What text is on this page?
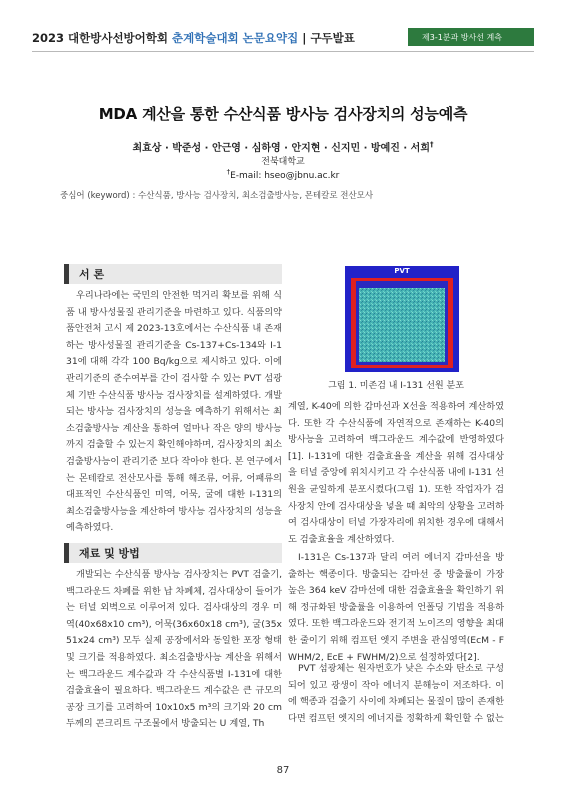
2023 대한방사선방어학회 춘계학술대회 논문요약집 | 구두발표	제3-1분과 방사선 계측
MDA 계산을 통한 수산식품 방사능 검사장치의 성능예측
최효상 · 박준성 · 안근영 · 심하영 · 안지현 · 신지민 · 방예진 · 서희†
전북대학교
†E-mail: hseo@jbnu.ac.kr
중심어 (keyword) : 수산식품, 방사능 검사장치, 최소검출방사능, 몬테칼로 전산모사
서 론
우리나라에는 국민의 안전한 먹거리 확보를 위해 식품 내 방사성물질 관리기준을 마련하고 있다. 식품의약품안전처 고시 제 2023-13호에서는 수산식품 내 존재하는 방사성물질 관리기준을 Cs-137+Cs-134와 I-131에 대해 각각 100 Bq/kg으로 제시하고 있다. 이에 관리기준의 준수여부를 간이 검사할 수 있는 PVT 섬광체 기반 수산식품 방사능 검사장치를 설계하였다. 개발되는 방사능 검사장치의 성능을 예측하기 위해서는 최소검출방사능 계산을 통하여 얼마나 작은 양의 방사능까지 검출할 수 있는지 확인해야하며, 검사장치의 최소검출방사능이 관리기준 보다 작아야 한다. 본 연구에서는 몬테칼로 전산모사를 통해 해조류, 어류, 어패류의 대표적인 수산식품인 미역, 어묵, 굴에 대한 I-131의 최소검출방사능을 계산하여 방사능 검사장치의 성능을 예측하였다.
재료 및 방법
개발되는 수산식품 방사능 검사장치는 PVT 검출기, 백그라운드 차폐를 위한 납 차폐체, 검사대상이 들어가는 터널 외벽으로 이루어져 있다. 검사대상의 경우 미역(40x68x10 cm³), 어묵(36x60x18 cm³), 굴(35x51x24 cm³) 모두 실제 공장에서와 동일한 포장 형태 및 크기를 적용하였다. 최소검출방사능 계산을 위해서는 백그라운드 계수값과 각 수산식품별 I-131에 대한 검출효율이 필요하다. 백그라운드 계수값은 큰 규모의 공장 크기를 고려하여 10x10x5 m³의 크기와 20 cm 두께의 콘크리트 구조물에서 방출되는 U 계열, Th
PVT
그림 1. 미존검 내 I-131 선원 분포
계열, K-40에 의한 감마선과 X선을 적용하여 계산하였다. 또한 각 수산식품에 자연적으로 존재하는 K-40의 방사능을 고려하여 백그라운드 계수값에 반영하였다[1]. I-131에 대한 검출효율을 계산을 위해 검사대상을 터널 중앙에 위치시키고 각 수산식품 내에 I-131 선원을 균일하게 분포시켰다(그림 1). 또한 작업자가 검사장치 안에 검사대상을 넣을 때 최악의 상황을 고려하여 검사대상이 터널 가장자리에 위치한 경우에 대해서도 검출효율을 계산하였다.
I-131은 Cs-137과 달리 여러 에너지 감마선을 방출하는 핵종이다. 방출되는 감마선 중 방출률이 가장 높은 364 keV 감마선에 대한 검출효율을 확인하기 위해 정규화된 방출률을 이용하여 언폴딩 기법을 적용하였다. 또한 백그라운드와 전기적 노이즈의 영향을 최대한 줄이기 위해 컴프턴 엣지 주변을 관심영역(EcM - FWHM/2, EcE + FWHM/2)으로 설정하였다[2].
PVT 섬광체는 원자번호가 낮은 수소와 탄소로 구성되어 있고 광생이 작아 에너지 분해능이 저조하다. 이에 핵종과 검출기 사이에 차폐되는 물질이 많이 존재한다면 컴프턴 엣지의 에너지를 정확하게 확인할 수 없는
87
